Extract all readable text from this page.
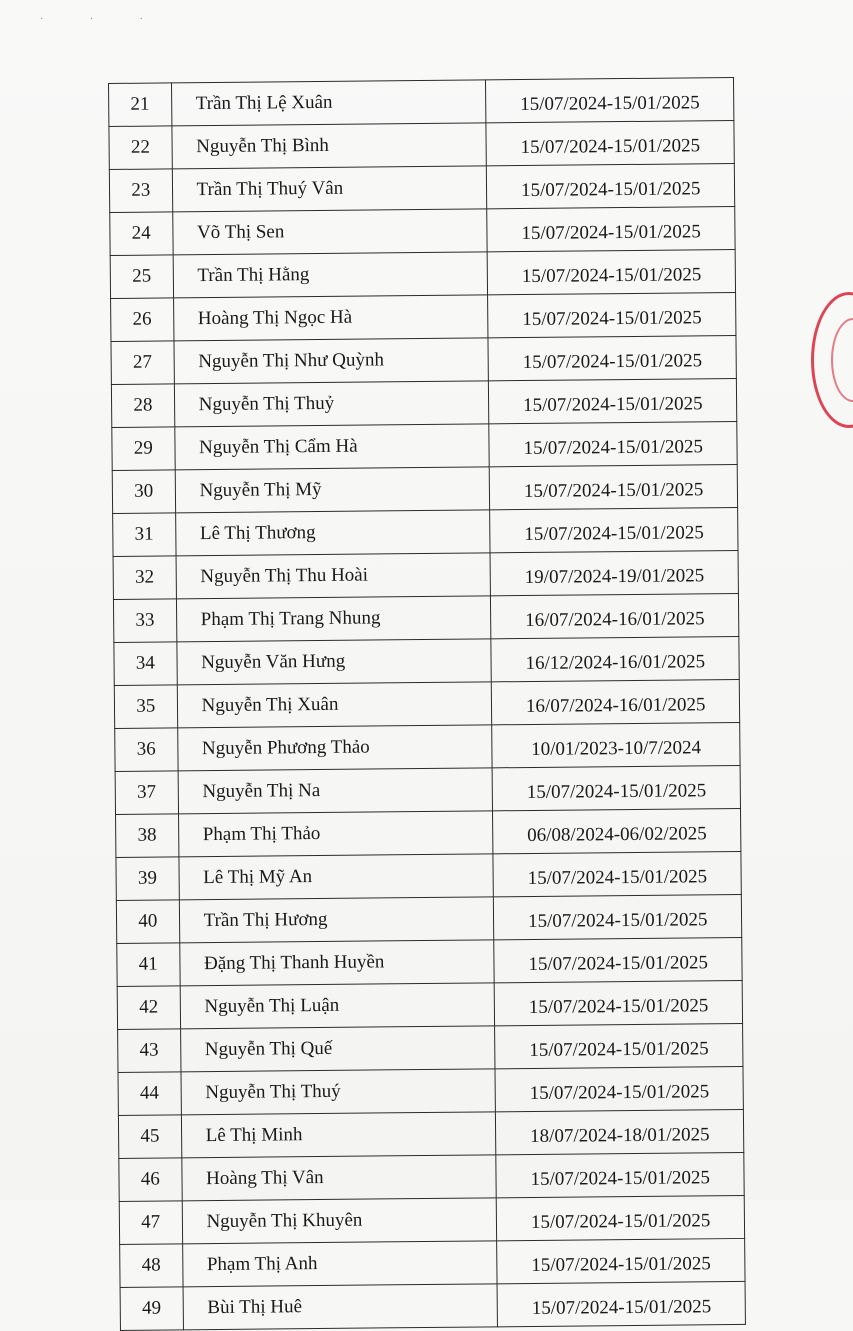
· · ·
21	Trần Thị Lệ Xuân	15/07/2024-15/01/2025
22	Nguyễn Thị Bình	15/07/2024-15/01/2025
23	Trần Thị Thuý Vân	15/07/2024-15/01/2025
24	Võ Thị Sen	15/07/2024-15/01/2025
25	Trần Thị Hằng	15/07/2024-15/01/2025
26	Hoàng Thị Ngọc Hà	15/07/2024-15/01/2025
27	Nguyễn Thị Như Quỳnh	15/07/2024-15/01/2025
28	Nguyễn Thị Thuỷ	15/07/2024-15/01/2025
29	Nguyễn Thị Cẩm Hà	15/07/2024-15/01/2025
30	Nguyễn Thị Mỹ	15/07/2024-15/01/2025
31	Lê Thị Thương	15/07/2024-15/01/2025
32	Nguyễn Thị Thu Hoài	19/07/2024-19/01/2025
33	Phạm Thị Trang Nhung	16/07/2024-16/01/2025
34	Nguyễn Văn Hưng	16/12/2024-16/01/2025
35	Nguyễn Thị Xuân	16/07/2024-16/01/2025
36	Nguyễn Phương Thảo	10/01/2023-10/7/2024
37	Nguyễn Thị Na	15/07/2024-15/01/2025
38	Phạm Thị Thảo	06/08/2024-06/02/2025
39	Lê Thị Mỹ An	15/07/2024-15/01/2025
40	Trần Thị Hương	15/07/2024-15/01/2025
41	Đặng Thị Thanh Huyền	15/07/2024-15/01/2025
42	Nguyễn Thị Luận	15/07/2024-15/01/2025
43	Nguyễn Thị Quế	15/07/2024-15/01/2025
44	Nguyễn Thị Thuý	15/07/2024-15/01/2025
45	Lê Thị Minh	18/07/2024-18/01/2025
46	Hoàng Thị Vân	15/07/2024-15/01/2025
47	Nguyễn Thị Khuyên	15/07/2024-15/01/2025
48	Phạm Thị Anh	15/07/2024-15/01/2025
49	Bùi Thị Huê	15/07/2024-15/01/2025
